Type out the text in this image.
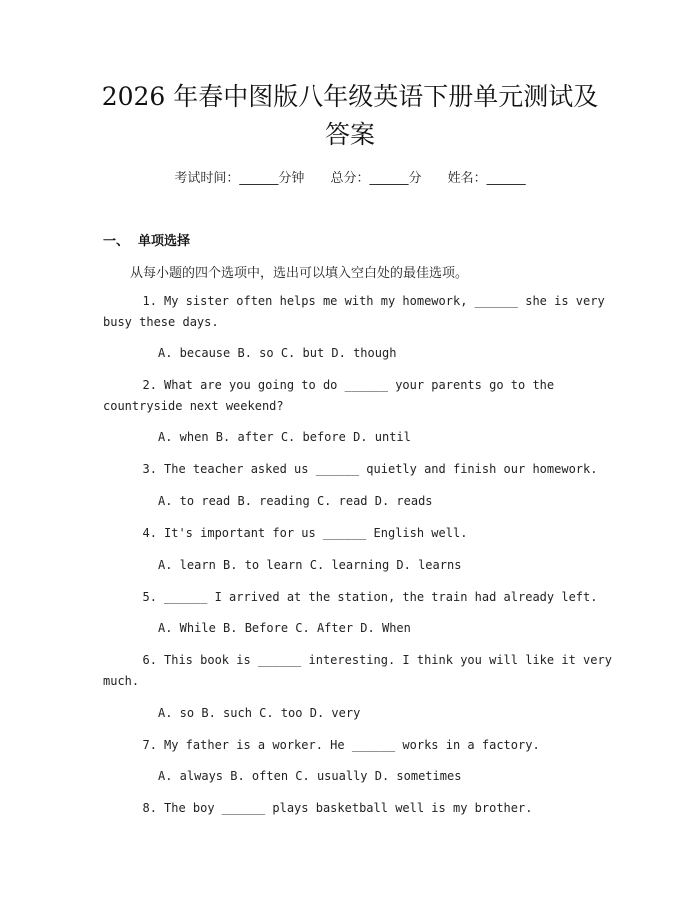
2026 年春中图版八年级英语下册单元测试及
答案
考试时间：______分钟 总分：______分 姓名：______
一、 单项选择
从每小题的四个选项中，选出可以填入空白处的最佳选项。
1. My sister often helps me with my homework, ______ she is very
busy these days.
A. because B. so C. but D. though
2. What are you going to do ______ your parents go to the
countryside next weekend?
A. when B. after C. before D. until
3. The teacher asked us ______ quietly and finish our homework.
A. to read B. reading C. read D. reads
4. It's important for us ______ English well.
A. learn B. to learn C. learning D. learns
5. ______ I arrived at the station, the train had already left.
A. While B. Before C. After D. When
6. This book is ______ interesting. I think you will like it very
much.
A. so B. such C. too D. very
7. My father is a worker. He ______ works in a factory.
A. always B. often C. usually D. sometimes
8. The boy ______ plays basketball well is my brother.
